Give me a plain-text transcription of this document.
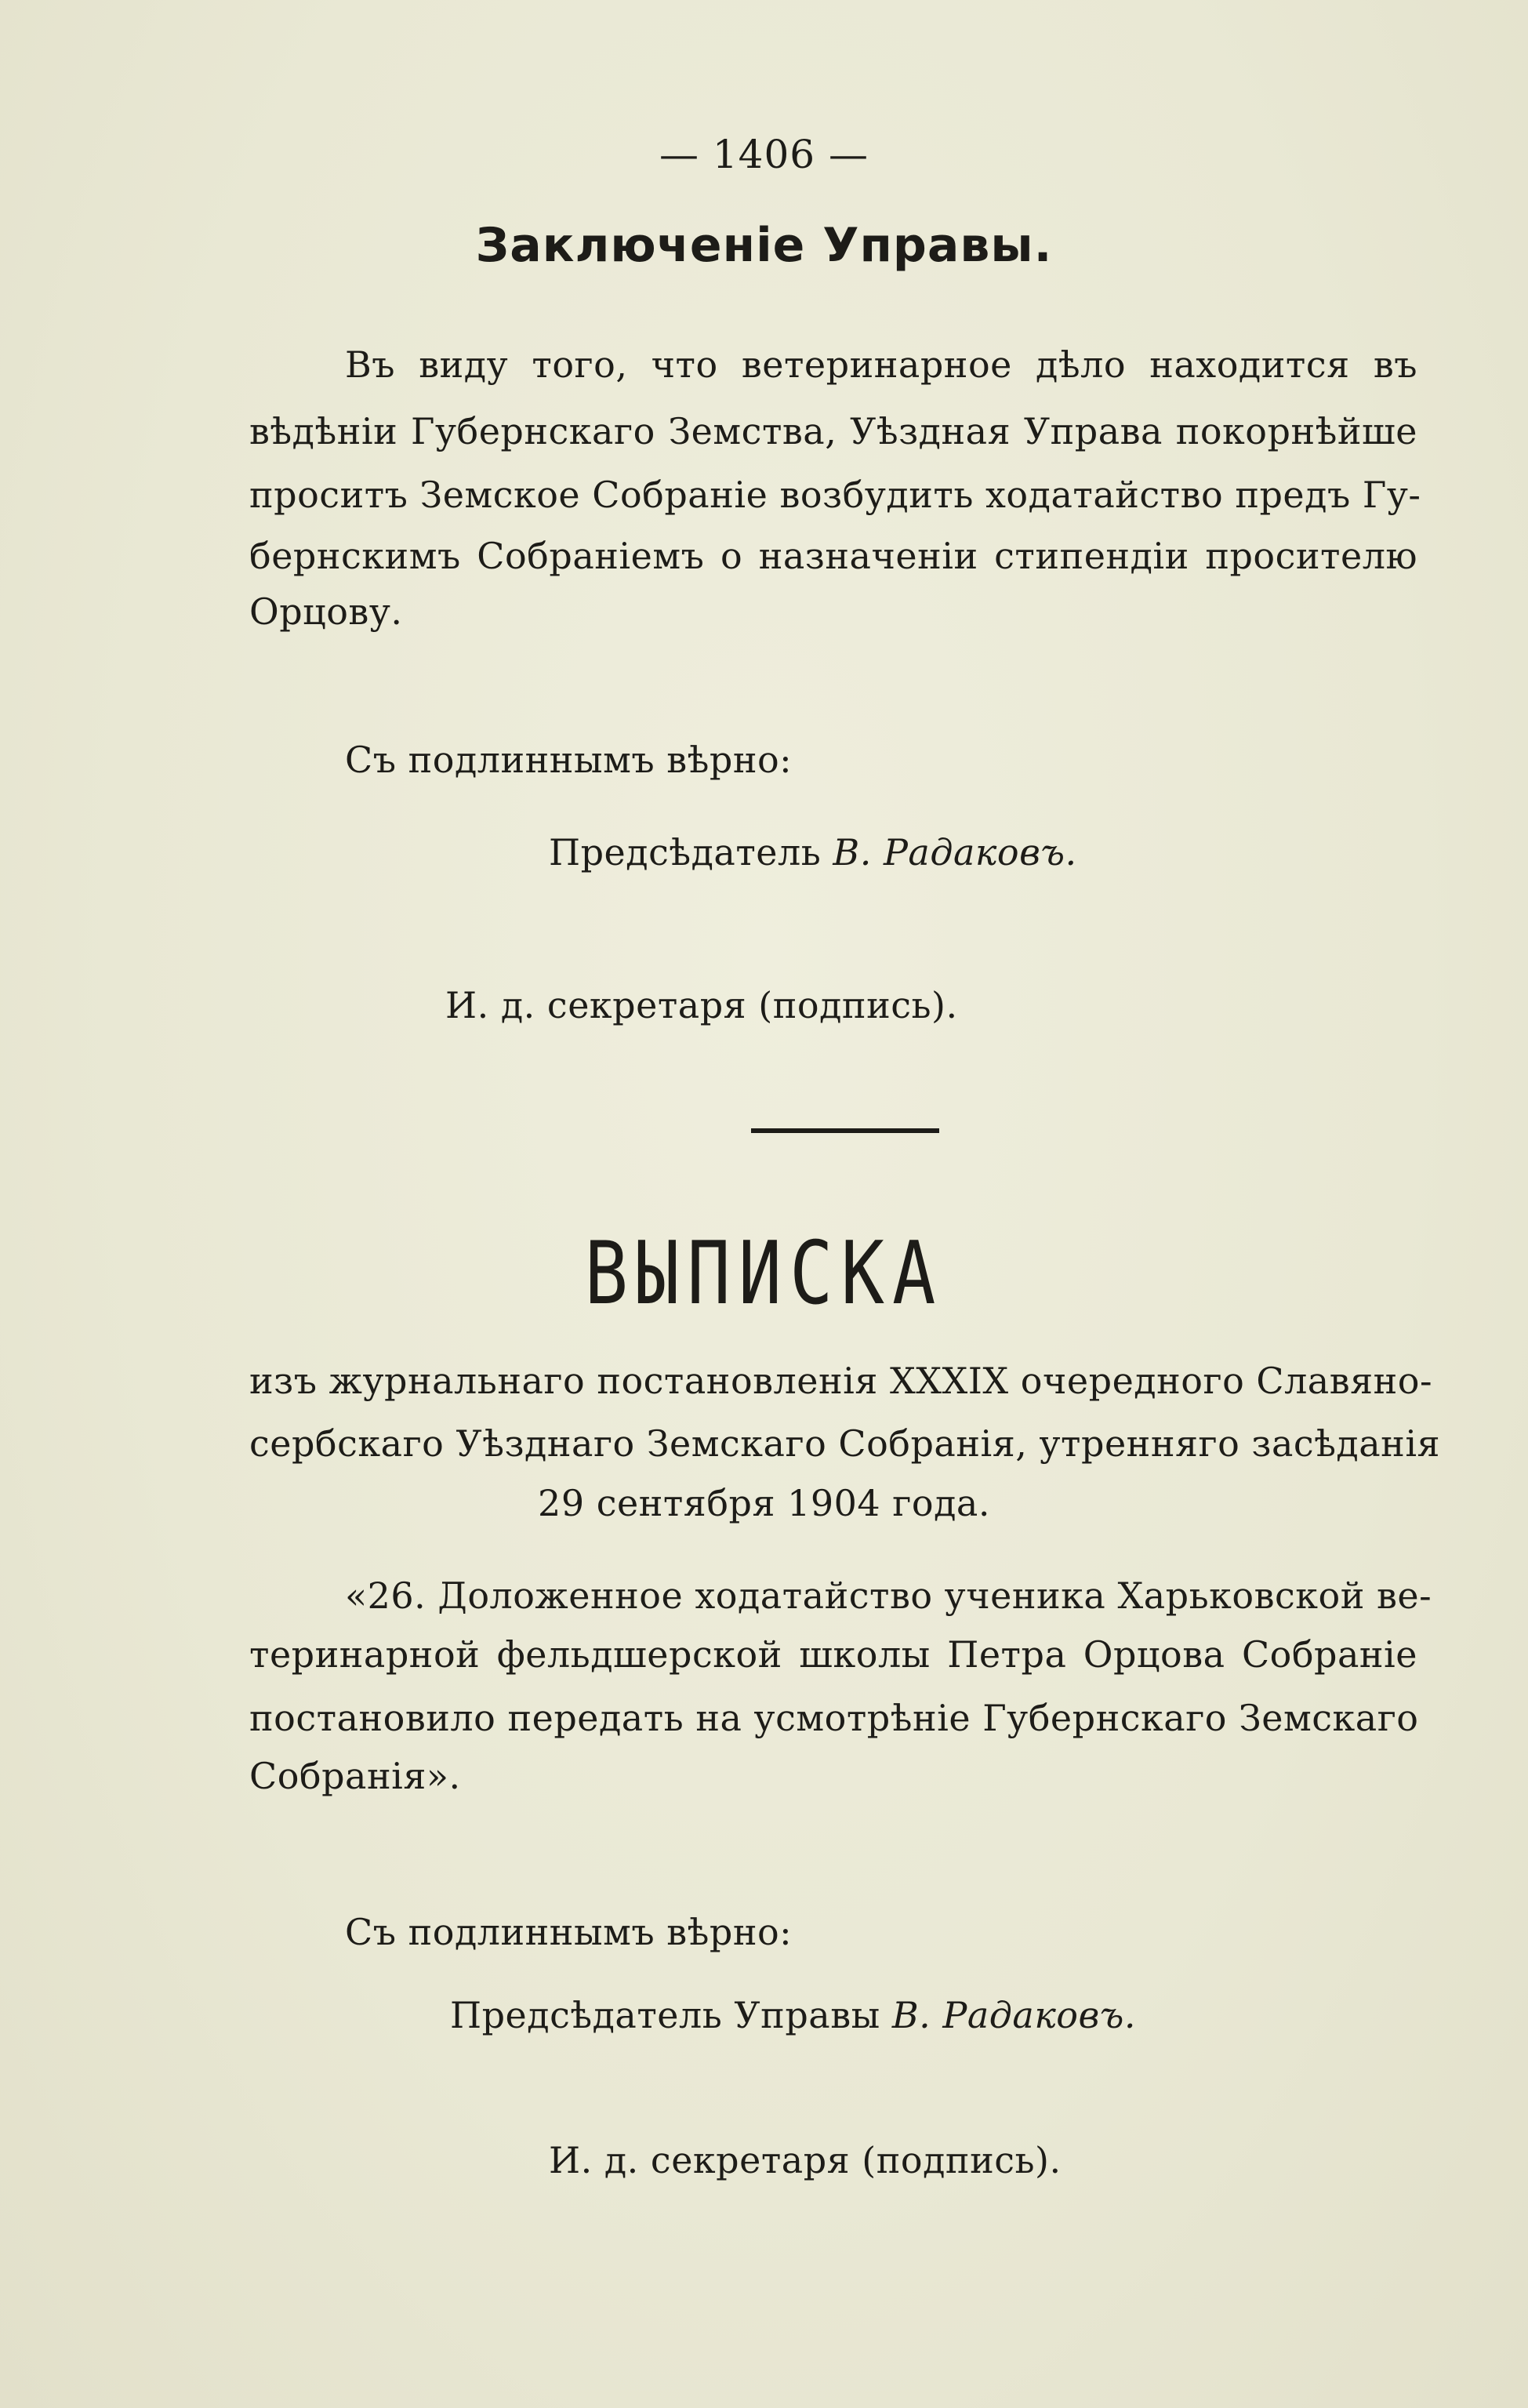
— 1406 —
Заключеніе Управы.
Въ виду того, что ветеринарное дѣло находится въ
вѣдѣніи Губернскаго Земства, Уѣздная Управа покорнѣйше
проситъ Земское Собраніе возбудить ходатайство предъ Гу-
бернскимъ Собраніемъ о назначеніи стипендіи просителю
Орцову.
Съ подлиннымъ вѣрно:
Предсѣдатель В. Радаковъ.
И. д. секретаря (подпись).
ВЫПИСКА
изъ журнальнаго постановленія XXXIX очередного Славяно-
сербскаго Уѣзднаго Земскаго Собранія, утренняго засѣданія
29 сентября 1904 года.
«26. Доложенное ходатайство ученика Харьковской ве-
теринарной фельдшерской школы Петра Орцова Собраніе
постановило передать на усмотрѣніе Губернскаго Земскаго
Собранія».
Съ подлиннымъ вѣрно:
Предсѣдатель Управы В. Радаковъ.
И. д. секретаря (подпись).
